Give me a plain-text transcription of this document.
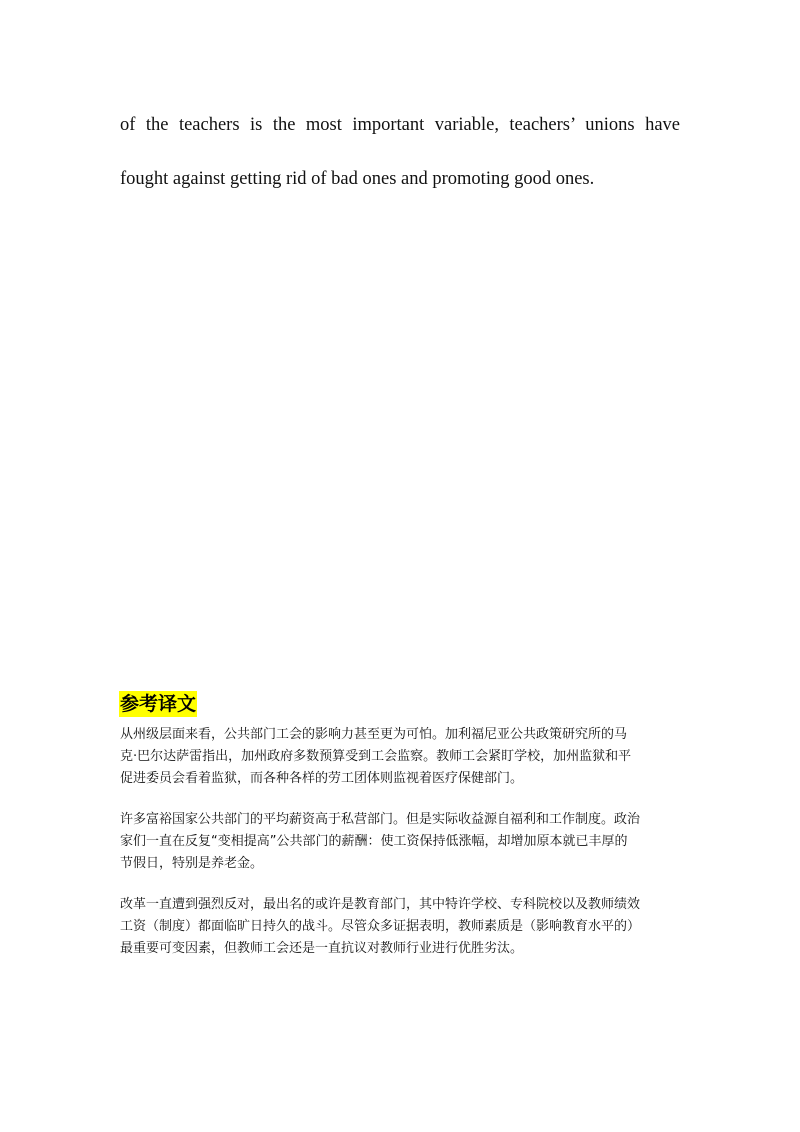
of the teachers is the most important variable, teachers’ unions have
fought against getting rid of bad ones and promoting good ones.
参考译文
从州级层面来看，公共部门工会的影响力甚至更为可怕。加利福尼亚公共政策研究所的马
克·巴尔达萨雷指出，加州政府多数预算受到工会监察。教师工会紧盯学校，加州监狱和平
促进委员会看着监狱，而各种各样的劳工团体则监视着医疗保健部门。
许多富裕国家公共部门的平均薪资高于私营部门。但是实际收益源自福利和工作制度。政治
家们一直在反复“变相提高”公共部门的薪酬：使工资保持低涨幅，却增加原本就已丰厚的
节假日，特别是养老金。
改革一直遭到强烈反对，最出名的或许是教育部门，其中特许学校、专科院校以及教师绩效
工资（制度）都面临旷日持久的战斗。尽管众多证据表明，教师素质是（影响教育水平的）
最重要可变因素，但教师工会还是一直抗议对教师行业进行优胜劣汰。
